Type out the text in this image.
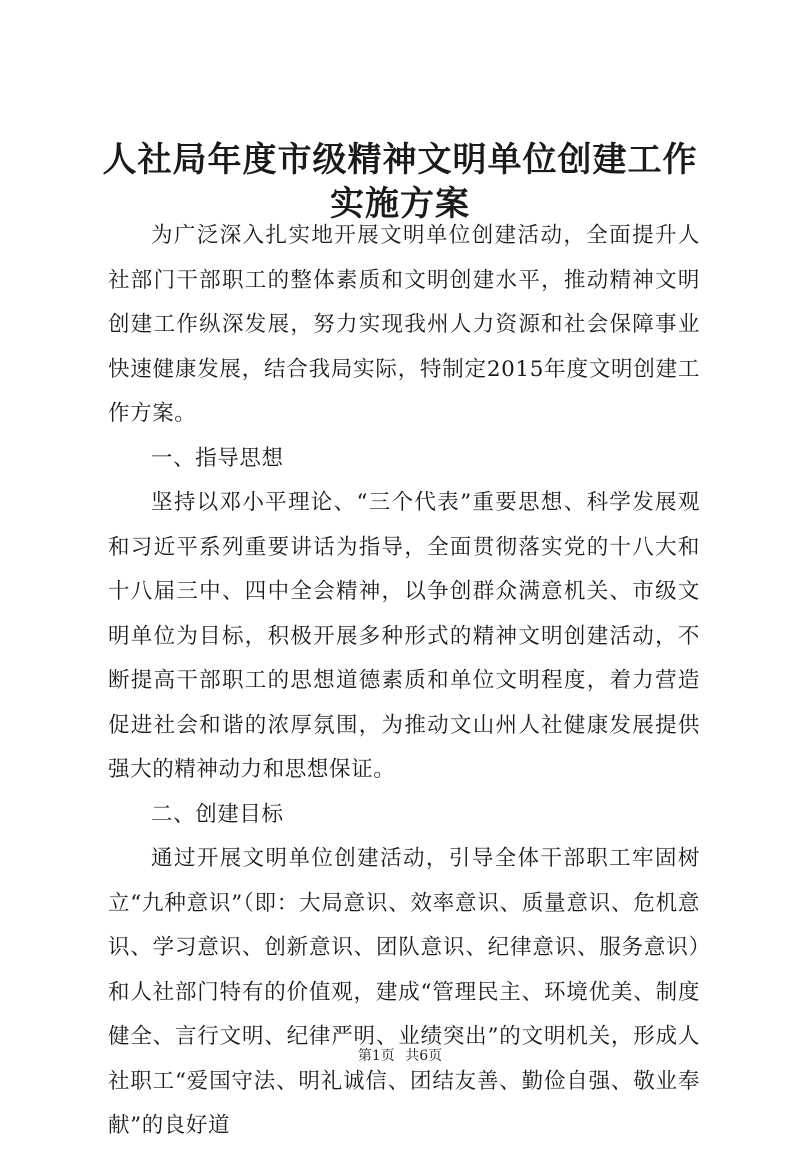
人社局年度市级精神文明单位创建工作实施方案

为广泛深入扎实地开展文明单位创建活动，全面提升人社部门干部职工的整体素质和文明创建水平，推动精神文明创建工作纵深发展，努力实现我州人力资源和社会保障事业快速健康发展，结合我局实际，特制定2015年度文明创建工作方案。

一、指导思想

坚持以邓小平理论、“三个代表”重要思想、科学发展观和习近平系列重要讲话为指导，全面贯彻落实党的十八大和十八届三中、四中全会精神，以争创群众满意机关、市级文明单位为目标，积极开展多种形式的精神文明创建活动，不断提高干部职工的思想道德素质和单位文明程度，着力营造促进社会和谐的浓厚氛围，为推动文山州人社健康发展提供强大的精神动力和思想保证。

二、创建目标

通过开展文明单位创建活动，引导全体干部职工牢固树立“九种意识”（即：大局意识、效率意识、质量意识、危机意识、学习意识、创新意识、团队意识、纪律意识、服务意识）和人社部门特有的价值观，建成“管理民主、环境优美、制度健全、言行文明、纪律严明、业绩突出”的文明机关，形成人社职工“爱国守法、明礼诚信、团结友善、勤俭自强、敬业奉献”的良好道

第1页 共6页
